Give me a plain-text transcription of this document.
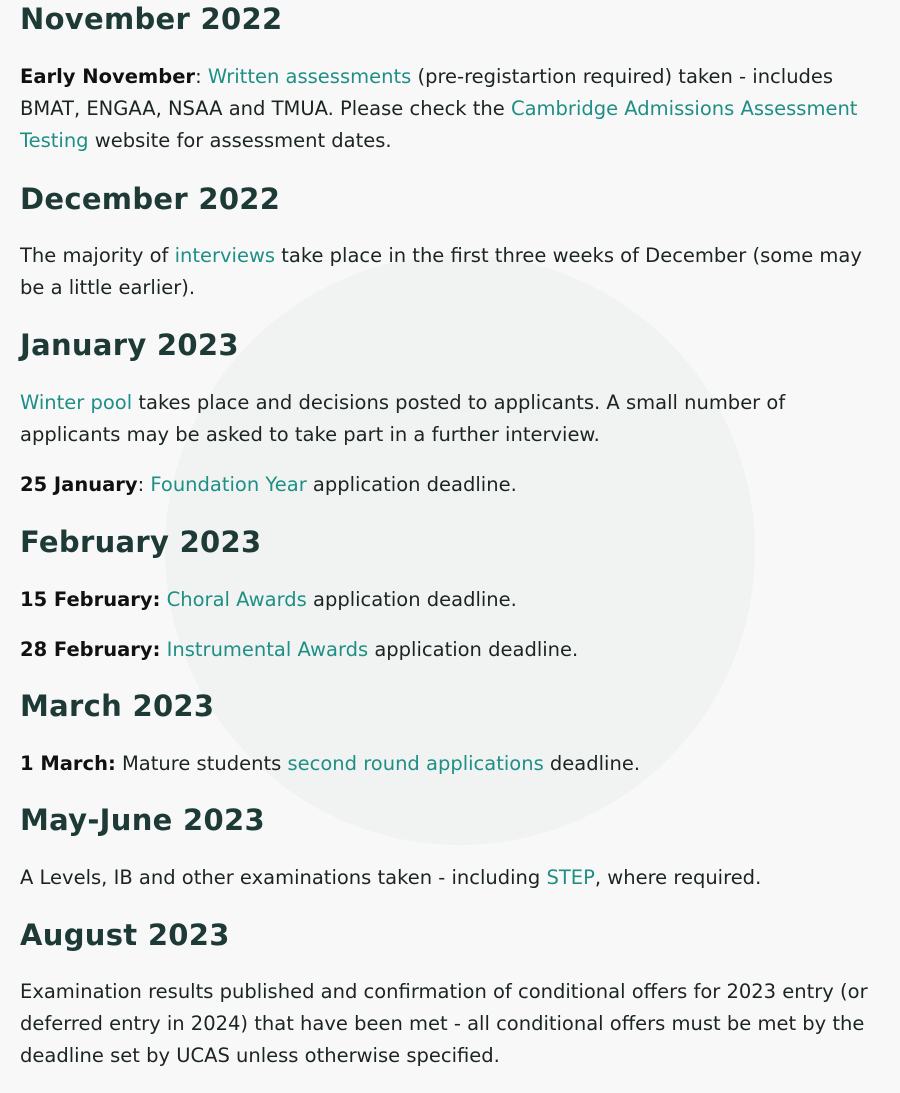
November 2022

Early November: Written assessments (pre-registartion required) taken - includes BMAT, ENGAA, NSAA and TMUA. Please check the Cambridge Admissions Assessment Testing website for assessment dates.

December 2022

The majority of interviews take place in the first three weeks of December (some may be a little earlier).

January 2023

Winter pool takes place and decisions posted to applicants. A small number of applicants may be asked to take part in a further interview.

25 January: Foundation Year application deadline.

February 2023

15 February: Choral Awards application deadline.

28 February: Instrumental Awards application deadline.

March 2023

1 March: Mature students second round applications deadline.

May-June 2023

A Levels, IB and other examinations taken - including STEP, where required.

August 2023

Examination results published and confirmation of conditional offers for 2023 entry (or deferred entry in 2024) that have been met - all conditional offers must be met by the deadline set by UCAS unless otherwise specified.
